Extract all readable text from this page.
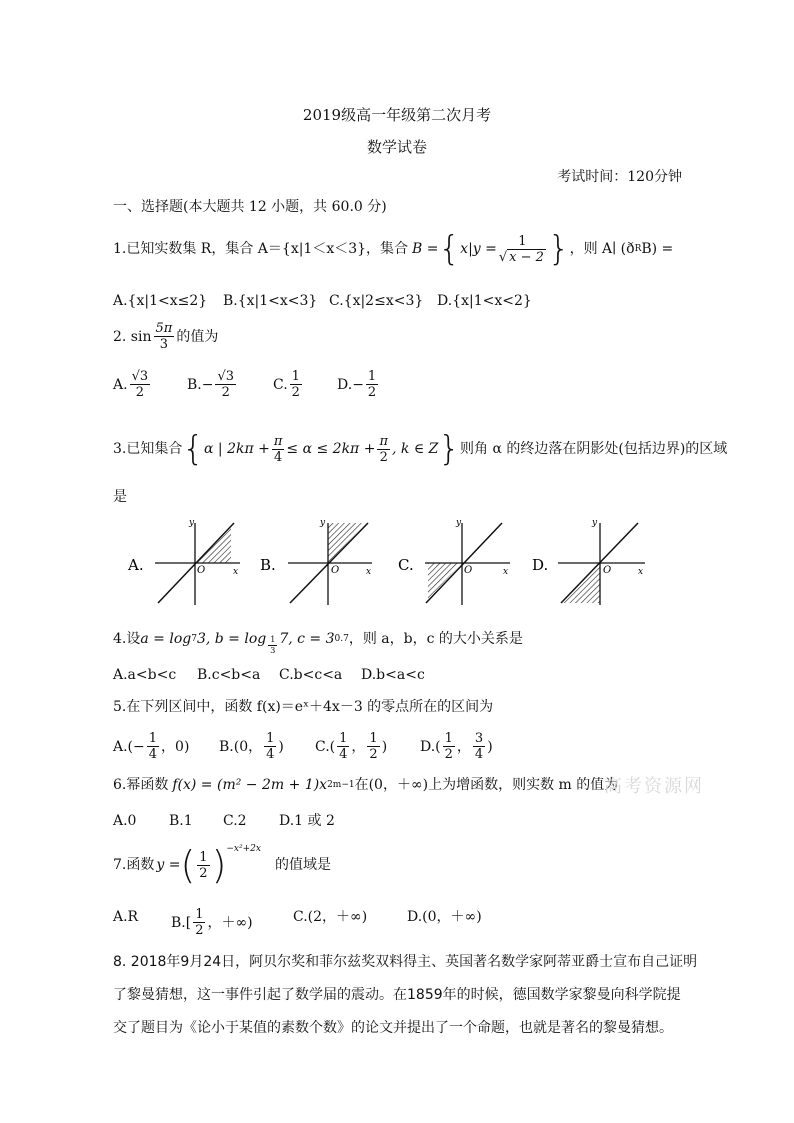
2019级高一年级第二次月考
数学试卷
考试时间：120分钟
一、选择题(本大题共 12 小题，共 60.0 分)
1.已知实数集 R，集合 A＝{x|1＜x＜3}，集合 B = { x | $y = \frac{1}{√ x - 2}$ } ，则 A∣ (ð R B) =
A.{x|1<x≤2} B.{x|1<x<3} C.{x|2≤x<3} D.{x|1<x<2}
2. $\sin \frac{5\pi}{3}$ 的值为
A. $\frac{√3}{2}$	B. − $\frac{√3}{2}$	C. $\frac{1}{2}$	D. − $\frac{1}{2}$
3.已知集合 { α | $2k\pi + \frac{\pi}{4} \le \alpha \le 2k\pi + \frac{\pi}{2}$ , k ∈ Z } 则角 α 的终边落在阴影处(包括边界)的区域
是
A.
y
x
O	B.
y
x
O	C.
y
x
O	D.
y
x
O
4.设 a = log 7 3, $b = \log \frac{1}{3} 7$, c = 3 0.7 ，则 a，b，c 的大小关系是
A.a<b<c B.c<b<a C.b<c<a D.b<a<c
5.在下列区间中，函数 f(x)＝eˣ＋4x－3 的零点所在的区间为
$A.(- \frac{1}{4}$ ，0) B.(0， $\frac{1}{4}$ ) $C.( \frac{1}{4}$ ， $\frac{1}{2}$ ) $D.( \frac{1}{2}$ ， $\frac{3}{4}$ )
6.幂函数 f(x) = (m² − 2m + 1)x 2m−1 在(0，＋∞)上为增函数，则实数 m 的值为
高考资源网
A.0 B.1 C.2 D.1 或 2
7.函数 y = ( $\frac{1}{2}$ ) −x²+2x
的值域是
A.R $B.[ \frac{1}{2}$ ，＋∞)	C.(2，＋∞)	D.(0，＋∞)
8. 2018年9月24日，阿贝尔奖和菲尔兹奖双料得主、英国著名数学家阿蒂亚爵士宣布自己证明
了黎曼猜想，这一事件引起了数学届的震动。在1859年的时候，德国数学家黎曼向科学院提
交了题目为《论小于某值的素数个数》的论文并提出了一个命题，也就是著名的黎曼猜想。
